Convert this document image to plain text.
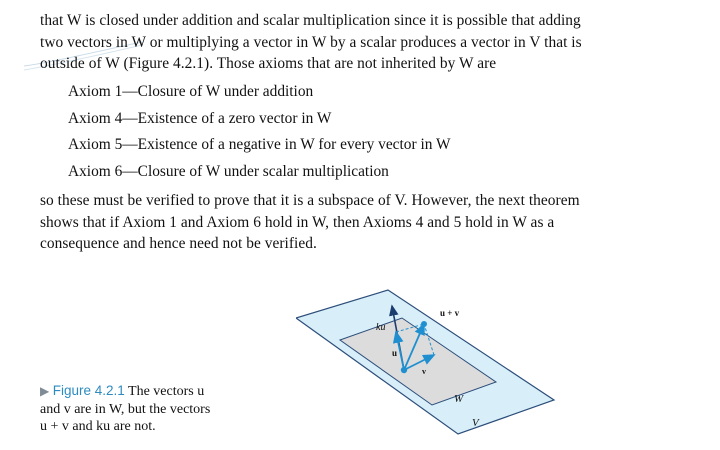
that W is closed under addition and scalar multiplication since it is possible that adding
two vectors in W or multiplying a vector in W by a scalar produces a vector in V that is
outside of W (Figure 4.2.1). Those axioms that are not inherited by W are
Axiom 1—Closure of W under addition
Axiom 4—Existence of a zero vector in W
Axiom 5—Existence of a negative in W for every vector in W
Axiom 6—Closure of W under scalar multiplication
so these must be verified to prove that it is a subspace of V. However, the next theorem
shows that if Axiom 1 and Axiom 6 hold in W, then Axioms 4 and 5 hold in W as a
consequence and hence need not be verified.
▶ Figure 4.2.1 The vectors u
and v are in W, but the vectors
u + v and ku are not.
u + v
ku
u
v
W
V
